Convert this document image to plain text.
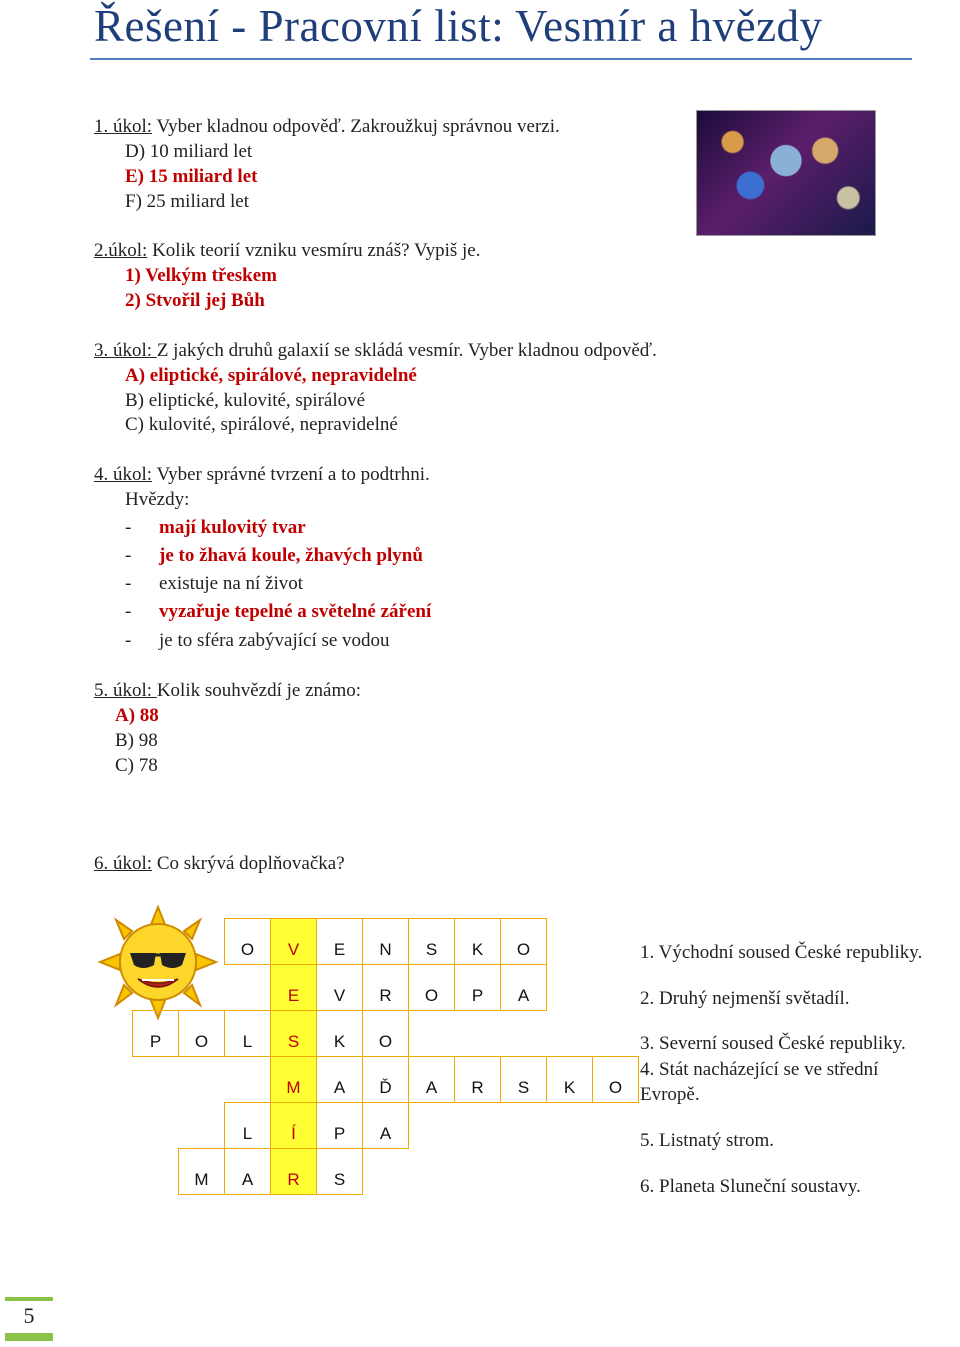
Řešení - Pracovní list: Vesmír a hvězdy
1. úkol: Vyber kladnou odpověď. Zakroužkuj správnou verzi.
D) 10 miliard let
E) 15 miliard let
F) 25 miliard let
2.úkol: Kolik teorií vzniku vesmíru znáš? Vypiš je.
1) Velkým třeskem
2) Stvořil jej Bůh
3. úkol: Z jakých druhů galaxií se skládá vesmír. Vyber kladnou odpověď.
A) eliptické, spirálové, nepravidelné
B) eliptické, kulovité, spirálové
C) kulovité, spirálové, nepravidelné
4. úkol: Vyber správné tvrzení a to podtrhni.
Hvězdy:
- mají kulovitý tvar
- je to žhavá koule, žhavých plynů
- existuje na ní život
- vyzařuje tepelné a světelné záření
- je to sféra zabývající se vodou
5. úkol: Kolik souhvězdí je známo:
A) 88
B) 98
C) 78
6. úkol: Co skrývá doplňovačka?
		O	V	E	N	S	K	O		
			E	V	R	O	P	A		
P	O	L	S	K	O					
			M	A	Ď	A	R	S	K	O
		L	Í	P	A					
	M	A	R	S						
1. Východní soused České republiky.
2. Druhý nejmenší světadíl.
3. Severní soused České republiky.
4. Stát nacházející se ve střední
Evropě.
5. Listnatý strom.
6. Planeta Sluneční soustavy.
5
